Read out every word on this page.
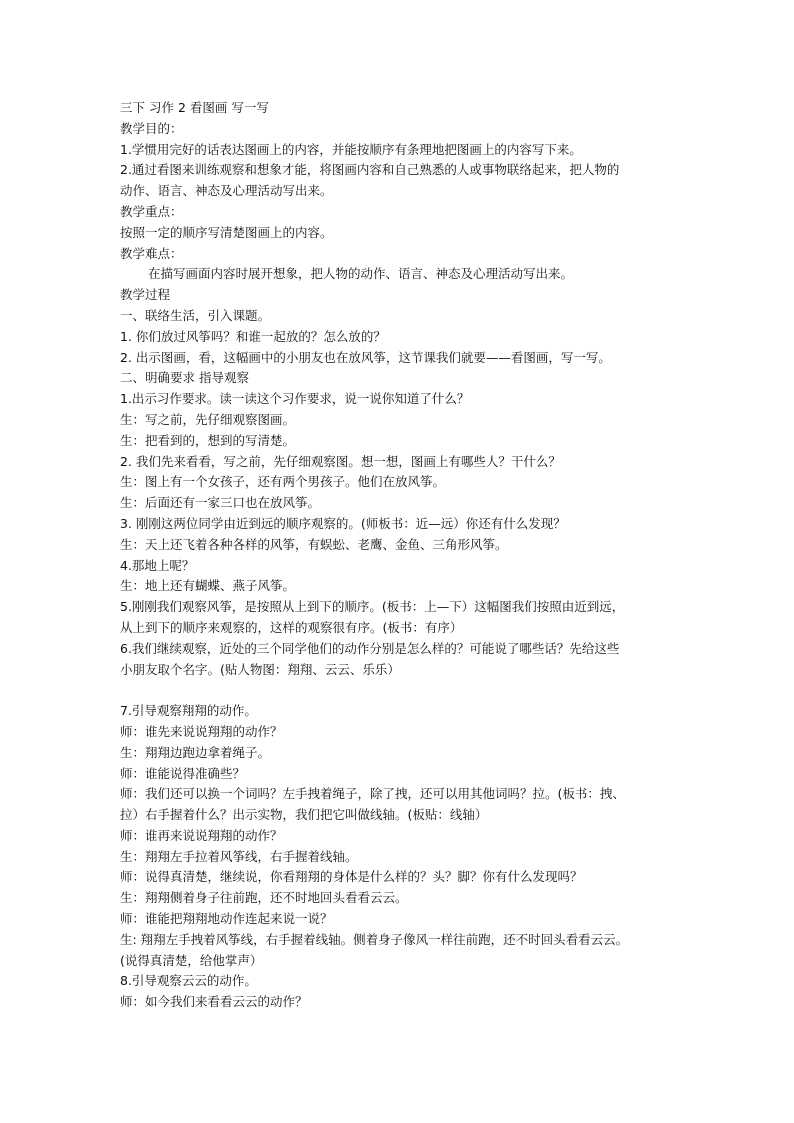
三下 习作 2 看图画 写一写
教学目的：
1.学惯用完好的话表达图画上的内容，并能按顺序有条理地把图画上的内容写下来。
2.通过看图来训练观察和想象才能，将图画内容和自己熟悉的人或事物联络起来，把人物的
动作、语言、神态及心理活动写出来。
教学重点：
按照一定的顺序写清楚图画上的内容。
教学难点：
在描写画面内容时展开想象，把人物的动作、语言、神态及心理活动写出来。
教学过程
一、联络生活，引入课题。
1. 你们放过风筝吗？和谁一起放的？怎么放的？
2. 出示图画，看，这幅画中的小朋友也在放风筝，这节课我们就要——看图画，写一写。
二、明确要求 指导观察
1.出示习作要求。读一读这个习作要求，说一说你知道了什么？
生：写之前，先仔细观察图画。
生：把看到的，想到的写清楚。
2. 我们先来看看，写之前，先仔细观察图。想一想，图画上有哪些人？干什么？
生：图上有一个女孩子，还有两个男孩子。他们在放风筝。
生：后面还有一家三口也在放风筝。
3. 刚刚这两位同学由近到远的顺序观察的。(师板书：近—远）你还有什么发现？
生：天上还飞着各种各样的风筝，有蜈蚣、老鹰、金鱼、三角形风筝。
4.那地上呢？
生：地上还有蝴蝶、燕子风筝。
5.刚刚我们观察风筝，是按照从上到下的顺序。(板书：上—下）这幅图我们按照由近到远，
从上到下的顺序来观察的，这样的观察很有序。(板书：有序）
6.我们继续观察，近处的三个同学他们的动作分别是怎么样的？可能说了哪些话？先给这些
小朋友取个名字。(贴人物图：翔翔、云云、乐乐）
7.引导观察翔翔的动作。
师：谁先来说说翔翔的动作？
生：翔翔边跑边拿着绳子。
师：谁能说得准确些？
师：我们还可以换一个词吗？左手拽着绳子，除了拽，还可以用其他词吗？拉。(板书：拽、
拉）右手握着什么？出示实物，我们把它叫做线轴。(板贴：线轴）
师：谁再来说说翔翔的动作？
生：翔翔左手拉着风筝线，右手握着线轴。
师：说得真清楚，继续说，你看翔翔的身体是什么样的？头？脚？你有什么发现吗？
生：翔翔侧着身子往前跑，还不时地回头看看云云。
师：谁能把翔翔地动作连起来说一说？
生: 翔翔左手拽着风筝线，右手握着线轴。侧着身子像风一样往前跑，还不时回头看看云云。
(说得真清楚，给他掌声）
8.引导观察云云的动作。
师：如今我们来看看云云的动作？
